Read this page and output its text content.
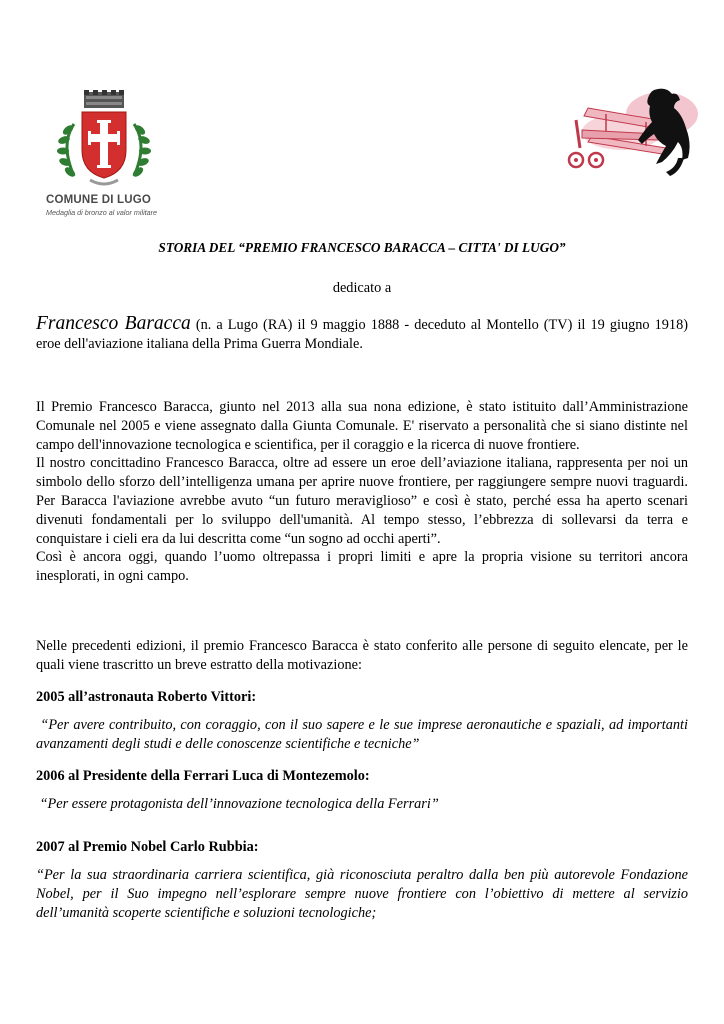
COMUNE DI LUGO
Medaglia di bronzo al valor militare
STORIA DEL “PREMIO FRANCESCO BARACCA – CITTA' DI LUGO”
dedicato a
Francesco Baracca (n. a Lugo (RA) il 9 maggio 1888 - deceduto al Montello (TV) il 19 giugno 1918) eroe dell'aviazione italiana della Prima Guerra Mondiale.

Il Premio Francesco Baracca, giunto nel 2013 alla sua nona edizione, è stato istituito dall’Amministrazione Comunale nel 2005 e viene assegnato dalla Giunta Comunale. E' riservato a personalità che si siano distinte nel campo dell'innovazione tecnologica e scientifica, per il coraggio e la ricerca di nuove frontiere.

Il nostro concittadino Francesco Baracca, oltre ad essere un eroe dell’aviazione italiana, rappresenta per noi un simbolo dello sforzo dell’intelligenza umana per aprire nuove frontiere, per raggiungere sempre nuovi traguardi. Per Baracca l'aviazione avrebbe avuto “un futuro meraviglioso” e così è stato, perché essa ha aperto scenari divenuti fondamentali per lo sviluppo dell'umanità. Al tempo stesso, l’ebbrezza di sollevarsi da terra e conquistare i cieli era da lui descritta come “un sogno ad occhi aperti”.

Così è ancora oggi, quando l’uomo oltrepassa i propri limiti e apre la propria visione su territori ancora inesplorati, in ogni campo.

Nelle precedenti edizioni, il premio Francesco Baracca è stato conferito alle persone di seguito elencate, per le quali viene trascritto un breve estratto della motivazione:
2005 all’astronauta Roberto Vittori:
“Per avere contribuito, con coraggio, con il suo sapere e le sue imprese aeronautiche e spaziali, ad importanti avanzamenti degli studi e delle conoscenze scientifiche e tecniche”
2006 al Presidente della Ferrari Luca di Montezemolo:
“Per essere protagonista dell’innovazione tecnologica della Ferrari”
2007 al Premio Nobel Carlo Rubbia:
“Per la sua straordinaria carriera scientifica, già riconosciuta peraltro dalla ben più autorevole Fondazione Nobel, per il Suo impegno nell’esplorare sempre nuove frontiere con l’obiettivo di mettere al servizio dell’umanità scoperte scientifiche e soluzioni tecnologiche;
